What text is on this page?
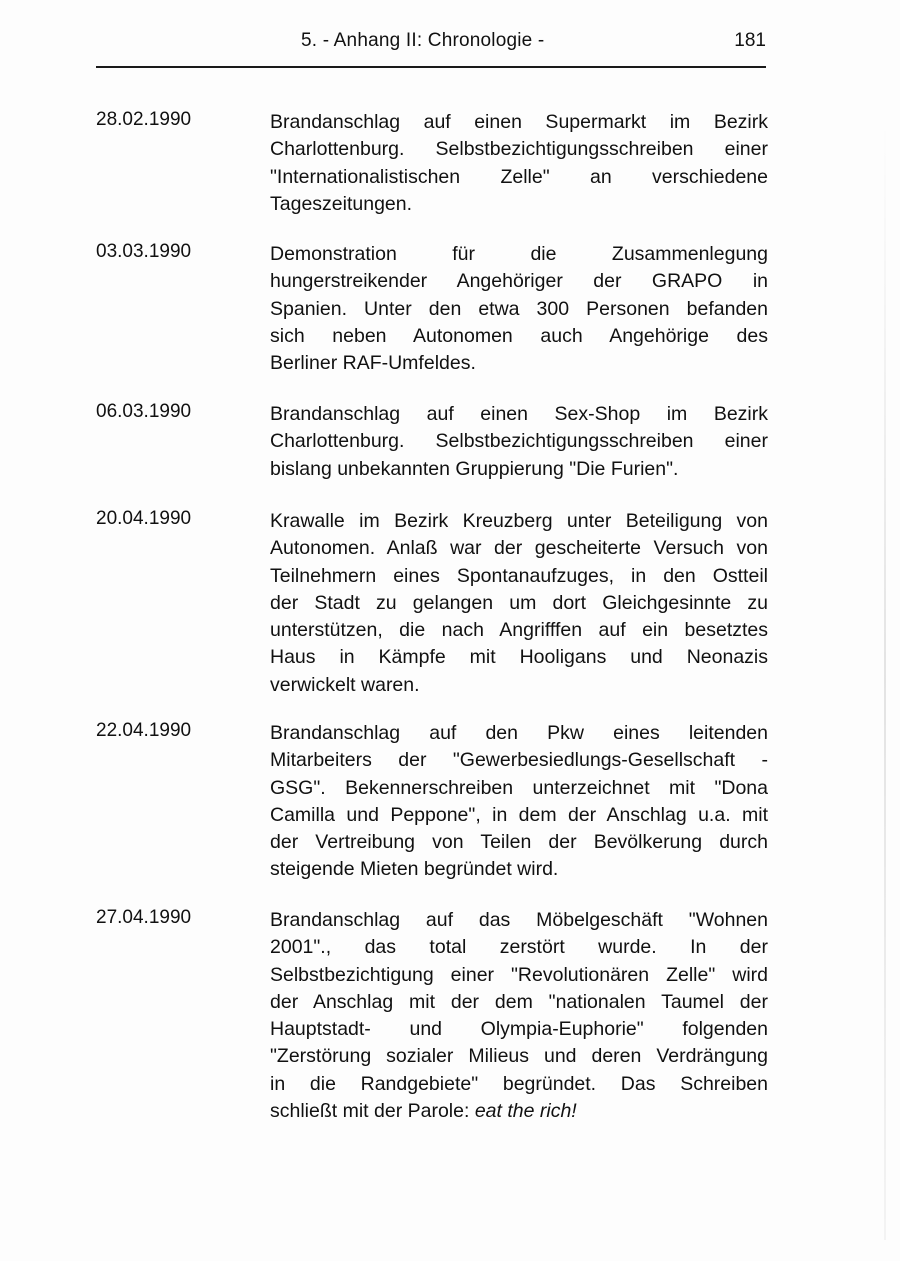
5. - Anhang II: Chronologie -	181
28.02.1990	Brandanschlag auf einen Supermarkt im Bezirk
Charlottenburg. Selbstbezichtigungsschreiben einer
"Internationalistischen Zelle" an verschiedene
Tageszeitungen.
03.03.1990	Demonstration für die Zusammenlegung
hungerstreikender Angehöriger der GRAPO in
Spanien. Unter den etwa 300 Personen befanden
sich neben Autonomen auch Angehörige des
Berliner RAF-Umfeldes.
06.03.1990	Brandanschlag auf einen Sex-Shop im Bezirk
Charlottenburg. Selbstbezichtigungsschreiben einer
bislang unbekannten Gruppierung "Die Furien".
20.04.1990	Krawalle im Bezirk Kreuzberg unter Beteiligung von
Autonomen. Anlaß war der gescheiterte Versuch von
Teilnehmern eines Spontanaufzuges, in den Ostteil
der Stadt zu gelangen um dort Gleichgesinnte zu
unterstützen, die nach Angrifffen auf ein besetztes
Haus in Kämpfe mit Hooligans und Neonazis
verwickelt waren.
22.04.1990	Brandanschlag auf den Pkw eines leitenden
Mitarbeiters der "Gewerbesiedlungs-Gesellschaft -
GSG". Bekennerschreiben unterzeichnet mit "Dona
Camilla und Peppone", in dem der Anschlag u.a. mit
der Vertreibung von Teilen der Bevölkerung durch
steigende Mieten begründet wird.
27.04.1990	Brandanschlag auf das Möbelgeschäft "Wohnen
2001"., das total zerstört wurde. In der
Selbstbezichtigung einer "Revolutionären Zelle" wird
der Anschlag mit der dem "nationalen Taumel der
Hauptstadt- und Olympia-Euphorie" folgenden
"Zerstörung sozialer Milieus und deren Verdrängung
in die Randgebiete" begründet. Das Schreiben
schließt mit der Parole: eat the rich!
